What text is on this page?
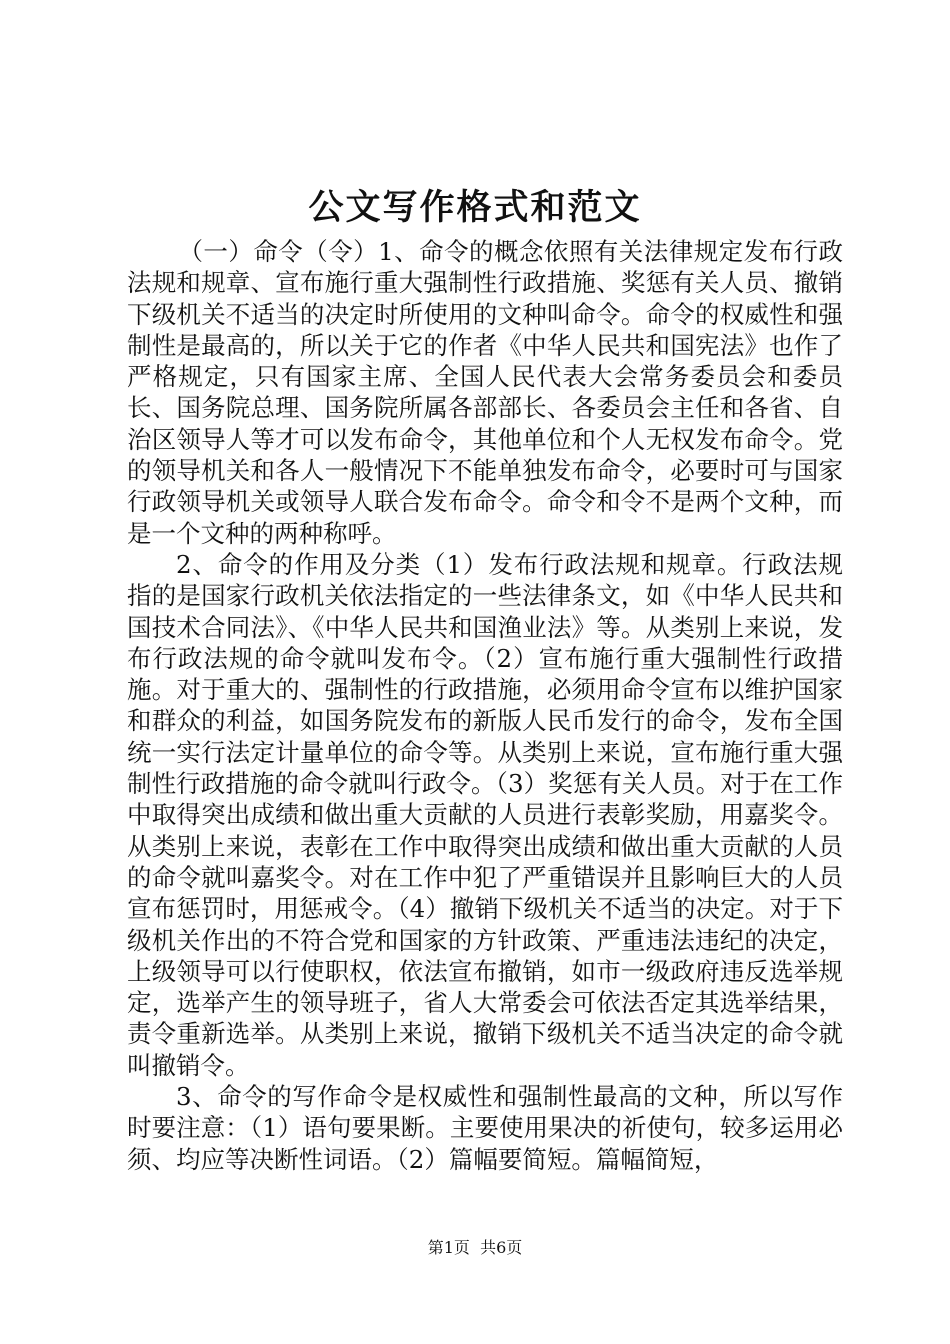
公文写作格式和范文

（一）命令（令）1、命令的概念依照有关法律规定发布行政法规和规章、宣布施行重大强制性行政措施、奖惩有关人员、撤销下级机关不适当的决定时所使用的文种叫命令。命令的权威性和强制性是最高的，所以关于它的作者《中华人民共和国宪法》也作了严格规定，只有国家主席、全国人民代表大会常务委员会和委员长、国务院总理、国务院所属各部部长、各委员会主任和各省、自治区领导人等才可以发布命令，其他单位和个人无权发布命令。党的领导机关和各人一般情况下不能单独发布命令，必要时可与国家行政领导机关或领导人联合发布命令。命令和令不是两个文种，而是一个文种的两种称呼。

2、命令的作用及分类（1）发布行政法规和规章。行政法规指的是国家行政机关依法指定的一些法律条文，如《中华人民共和国技术合同法》、《中华人民共和国渔业法》等。从类别上来说，发布行政法规的命令就叫发布令。（2）宣布施行重大强制性行政措施。对于重大的、强制性的行政措施，必须用命令宣布以维护国家和群众的利益，如国务院发布的新版人民币发行的命令，发布全国统一实行法定计量单位的命令等。从类别上来说，宣布施行重大强制性行政措施的命令就叫行政令。（3）奖惩有关人员。对于在工作中取得突出成绩和做出重大贡献的人员进行表彰奖励，用嘉奖令。从类别上来说，表彰在工作中取得突出成绩和做出重大贡献的人员的命令就叫嘉奖令。对在工作中犯了严重错误并且影响巨大的人员宣布惩罚时，用惩戒令。（4）撤销下级机关不适当的决定。对于下级机关作出的不符合党和国家的方针政策、严重违法违纪的决定，上级领导可以行使职权，依法宣布撤销，如市一级政府违反选举规定，选举产生的领导班子，省人大常委会可依法否定其选举结果，责令重新选举。从类别上来说，撤销下级机关不适当决定的命令就叫撤销令。

3、命令的写作命令是权威性和强制性最高的文种，所以写作时要注意：（1）语句要果断。主要使用果决的祈使句，较多运用必须、均应等决断性词语。（2）篇幅要简短。篇幅简短，

第1页  共6页
